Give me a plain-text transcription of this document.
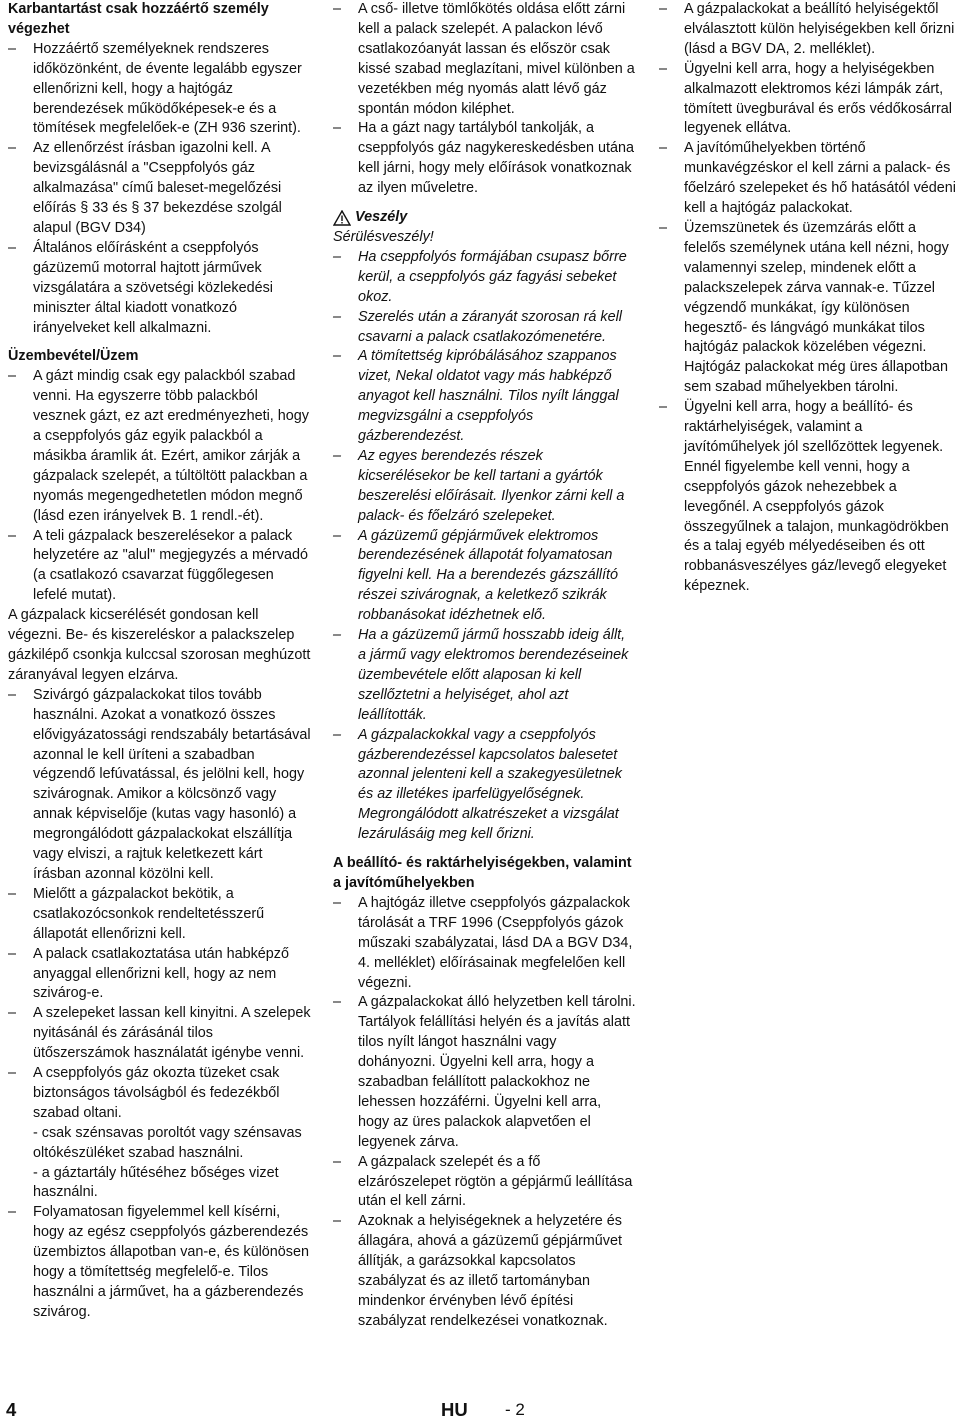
Karbantartást csak hozzáértő személy végezhet
– Hozzáértő személyeknek rendszeres időközönként, de évente legalább egyszer ellenőrizni kell, hogy a hajtógáz berendezések működőképesek-e és a tömítések megfelelőek-e (ZH 936 szerint).
– Az ellenőrzést írásban igazolni kell. A bevizsgálásnál a "Cseppfolyós gáz alkalmazása" című baleset-megelőzési előírás § 33 és § 37 bekezdése szolgál alapul (BGV D34)
– Általános előírásként a cseppfolyós gázüzemű motorral hajtott járművek vizsgálatára a szövetségi közlekedési miniszter által kiadott vonatkozó irányelveket kell alkalmazni.
Üzembevétel/Üzem
– A gázt mindig csak egy palackból szabad venni. Ha egyszerre több palackból vesznek gázt, ez azt eredményezheti, hogy a cseppfolyós gáz egyik palackból a másikba áramlik át. Ezért, amikor zárják a gázpalack szelepét, a túltöltött palackban a nyomás megengedhetetlen módon megnő (lásd ezen irányelvek B. 1 rendl.-ét).
– A teli gázpalack beszerelésekor a palack helyzetére az "alul" megjegyzés a mérvadó (a csatlakozó csavarzat függőlegesen lefelé mutat).
A gázpalack kicserélését gondosan kell végezni. Be- és kiszereléskor a palackszelep gázkilépő csonkja kulccsal szorosan meghúzott záranyával legyen elzárva.
– Szivárgó gázpalackokat tilos tovább használni. Azokat a vonatkozó összes elővigyázatossági rendszabály betartásával azonnal le kell üríteni a szabadban végzendő lefúvatással, és jelölni kell, hogy szivárognak. Amikor a kölcsönző vagy annak képviselője (kutas vagy hasonló) a megrongálódott gázpalackokat elszállítja vagy elviszi, a rajtuk keletkezett kárt írásban azonnal közölni kell.
– Mielőtt a gázpalackot bekötik, a csatlakozócsonkok rendeltetésszerű állapotát ellenőrizni kell.
– A palack csatlakoztatása után habképző anyaggal ellenőrizni kell, hogy az nem szivárog-e.
– A szelepeket lassan kell kinyitni. A szelepek nyitásánál és zárásánál tilos ütőszerszámok használatát igénybe venni.
– A cseppfolyós gáz okozta tüzeket csak biztonságos távolságból és fedezékből szabad oltani.
- csak szénsavas poroltót vagy szénsavas oltókészüléket szabad használni.
- a gáztartály hűtéséhez bőséges vizet használni.
– Folyamatosan figyelemmel kell kísérni, hogy az egész cseppfolyós gázberendezés üzembiztos állapotban van-e, és különösen hogy a tömítettség megfelelő-e. Tilos használni a járművet, ha a gázberendezés szivárog.
– A cső- illetve tömlőkötés oldása előtt zárni kell a palack szelepét. A palackon lévő csatlakozóanyát lassan és először csak kissé szabad meglazítani, mivel különben a vezetékben még nyomás alatt lévő gáz spontán módon kiléphet.
– Ha a gázt nagy tartályból tankolják, a cseppfolyós gáz nagykereskedésben utána kell járni, hogy mely előírások vonatkoznak az ilyen műveletre.
Veszély
Sérülésveszély!
– Ha cseppfolyós formájában csupasz bőrre kerül, a cseppfolyós gáz fagyási sebeket okoz.
– Szerelés után a záranyát szorosan rá kell csavarni a palack csatlakozómenetére.
– A tömítettség kipróbálásához szappanos vizet, Nekal oldatot vagy más habképző anyagot kell használni. Tilos nyílt lánggal megvizsgálni a cseppfolyós gázberendezést.
– Az egyes berendezés részek kicserélésekor be kell tartani a gyártók beszerelési előírásait. Ilyenkor zárni kell a palack- és főelzáró szelepeket.
– A gázüzemű gépjárművek elektromos berendezésének állapotát folyamatosan figyelni kell. Ha a berendezés gázszállító részei szivárognak, a keletkező szikrák robbanásokat idézhetnek elő.
– Ha a gázüzemű jármű hosszabb ideig állt, a jármű vagy elektromos berendezéseinek üzembevétele előtt alaposan ki kell szellőztetni a helyiséget, ahol azt leállították.
– A gázpalackokkal vagy a cseppfolyós gázberendezéssel kapcsolatos balesetet azonnal jelenteni kell a szakegyesületnek és az illetékes iparfelügyelőségnek. Megrongálódott alkatrészeket a vizsgálat lezárulásáig meg kell őrizni.
A beállító- és raktárhelyiségekben, valamint a javítóműhelyekben
– A hajtógáz illetve cseppfolyós gázpalackok tárolását a TRF 1996 (Cseppfolyós gázok műszaki szabályzatai, lásd DA a BGV D34, 4. melléklet) előírásainak megfelelően kell végezni.
– A gázpalackokat álló helyzetben kell tárolni. Tartályok felállítási helyén és a javítás alatt tilos nyílt lángot használni vagy dohányozni. Ügyelni kell arra, hogy a szabadban felállított palackokhoz ne lehessen hozzáférni. Ügyelni kell arra, hogy az üres palackok alapvetően el legyenek zárva.
– A gázpalack szelepét és a fő elzárószelepet rögtön a gépjármű leállítása után el kell zárni.
– Azoknak a helyiségeknek a helyzetére és állagára, ahová a gázüzemű gépjárművet állítják, a garázsokkal kapcsolatos szabályzat és az illető tartományban mindenkor érvényben lévő építési szabályzat rendelkezései vonatkoznak.
– A gázpalackokat a beállító helyiségektől elválasztott külön helyiségekben kell őrizni (lásd a BGV DA, 2. melléklet).
– Ügyelni kell arra, hogy a helyiségekben alkalmazott elektromos kézi lámpák zárt, tömített üvegburával és erős védőkosárral legyenek ellátva.
– A javítóműhelyekben történő munkavégzéskor el kell zárni a palack- és főelzáró szelepeket és hő hatásától védeni kell a hajtógáz palackokat.
– Üzemszünetek és üzemzárás előtt a felelős személynek utána kell nézni, hogy valamennyi szelep, mindenek előtt a palackszelepek zárva vannak-e. Tűzzel végzendő munkákat, így különösen hegesztő- és lángvágó munkákat tilos hajtógáz palackok közelében végezni. Hajtógáz palackokat még üres állapotban sem szabad műhelyekben tárolni.
– Ügyelni kell arra, hogy a beállító- és raktárhelyiségek, valamint a javítóműhelyek jól szellőzöttek legyenek. Ennél figyelembe kell venni, hogy a cseppfolyós gázok nehezebbek a levegőnél. A cseppfolyós gázok összegyűlnek a talajon, munkagödrökben és a talaj egyéb mélyedéseiben és ott robbanásveszélyes gáz/levegő elegyeket képeznek.
4	HU - 2
